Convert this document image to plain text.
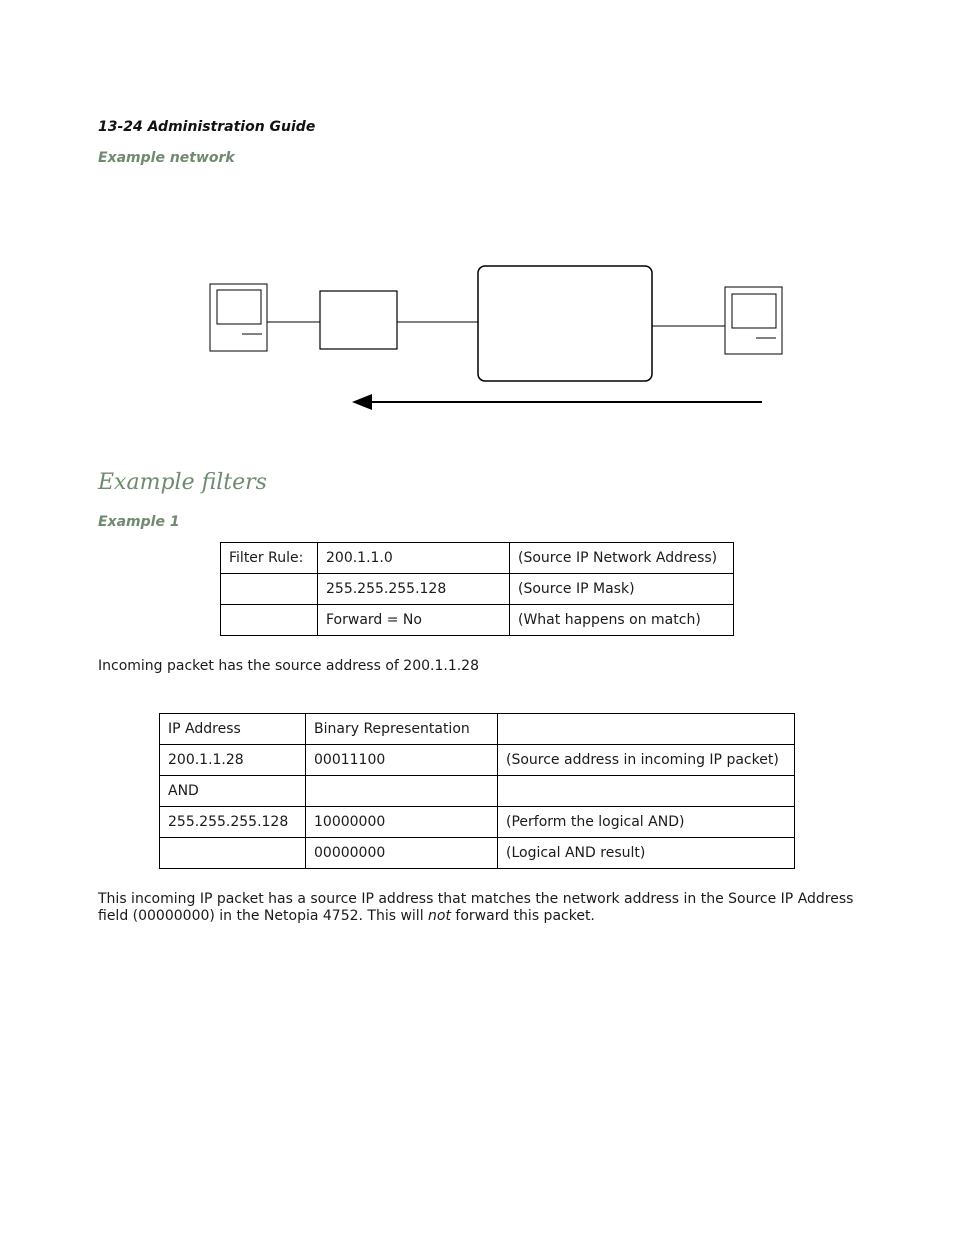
13-24 Administration Guide
Example network
Example filters
Example 1
Filter Rule:	200.1.1.0	(Source IP Network Address)
	255.255.255.128	(Source IP Mask)
	Forward = No	(What happens on match)
Incoming packet has the source address of 200.1.1.28
IP Address	Binary Representation	
200.1.1.28	00011100	(Source address in incoming IP packet)
AND		
255.255.255.128	10000000	(Perform the logical AND)
	00000000	(Logical AND result)
This incoming IP packet has a source IP address that matches the network address in the Source IP Address field (00000000) in the Netopia 4752. This will not forward this packet.
